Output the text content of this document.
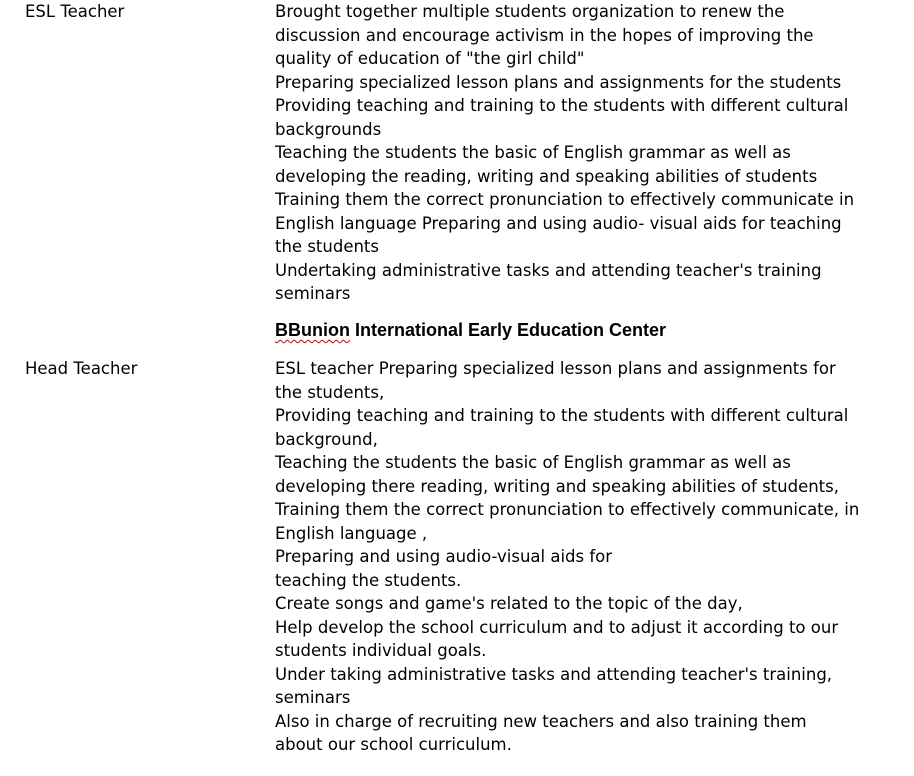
ESL Teacher	Brought together multiple students organization to renew the
discussion and encourage activism in the hopes of improving the
quality of education of "the girl child"
Preparing specialized lesson plans and assignments for the students
Providing teaching and training to the students with different cultural
backgrounds
Teaching the students the basic of English grammar as well as
developing the reading, writing and speaking abilities of students
Training them the correct pronunciation to effectively communicate in
English language Preparing and using audio- visual aids for teaching
the students
Undertaking administrative tasks and attending teacher's training
seminars
BBunion International Early Education Center
Head Teacher	ESL teacher Preparing specialized lesson plans and assignments for
the students,
Providing teaching and training to the students with different cultural
background,
Teaching the students the basic of English grammar as well as
developing there reading, writing and speaking abilities of students,
Training them the correct pronunciation to effectively communicate, in
English language ,
Preparing and using audio-visual aids for
teaching the students.
Create songs and game's related to the topic of the day,
Help develop the school curriculum and to adjust it according to our
students individual goals.
Under taking administrative tasks and attending teacher's training,
seminars
Also in charge of recruiting new teachers and also training them
about our school curriculum.
